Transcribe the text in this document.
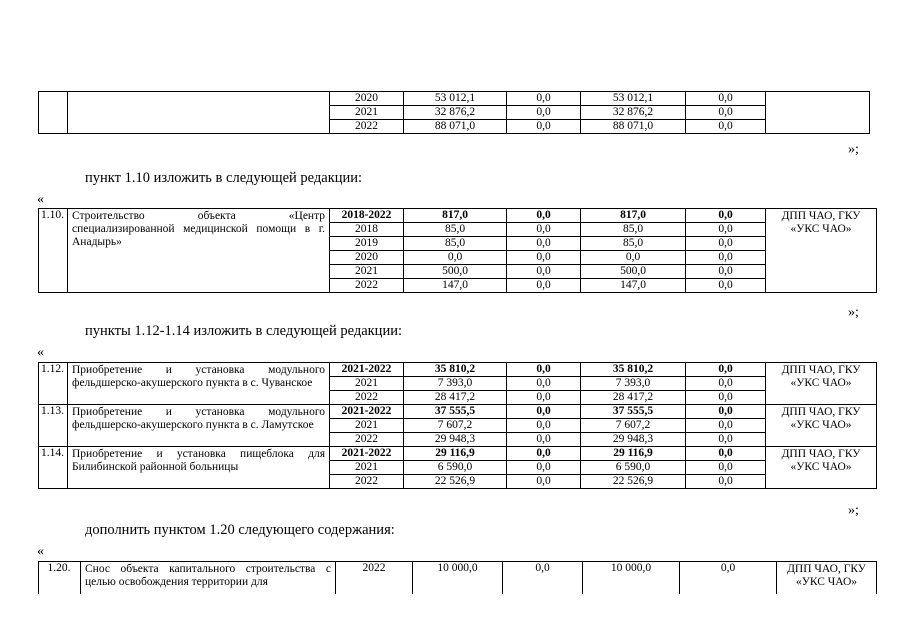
		2020	53 012,1	0,0	53 012,1	0,0	
		2021	32 876,2	0,0	32 876,2	0,0	
		2022	88 071,0	0,0	88 071,0	0,0	
»;
пункт 1.10 изложить в следующей редакции:
«
1.10.	Строительство объекта «Центр специализированной медицинской помощи в г. Анадырь»	2018-2022	817,0	0,0	817,0	0,0	ДПП ЧАО, ГКУ «УКС ЧАО»
		2018	85,0	0,0	85,0	0,0	
		2019	85,0	0,0	85,0	0,0	
		2020	0,0	0,0	0,0	0,0	
		2021	500,0	0,0	500,0	0,0	
		2022	147,0	0,0	147,0	0,0	
»;
пункты 1.12-1.14 изложить в следующей редакции:
«
1.12.	Приобретение и установка модульного фельдшерско-акушерского пункта в с. Чуванское	2021-2022	35 810,2	0,0	35 810,2	0,0	ДПП ЧАО, ГКУ «УКС ЧАО»
		2021	7 393,0	0,0	7 393,0	0,0	
		2022	28 417,2	0,0	28 417,2	0,0	
1.13.	Приобретение и установка модульного фельдшерско-акушерского пункта в с. Ламутское	2021-2022	37 555,5	0,0	37 555,5	0,0	ДПП ЧАО, ГКУ «УКС ЧАО»
		2021	7 607,2	0,0	7 607,2	0,0	
		2022	29 948,3	0,0	29 948,3	0,0	
1.14.	Приобретение и установка пищеблока для Билибинской районной больницы	2021-2022	29 116,9	0,0	29 116,9	0,0	ДПП ЧАО, ГКУ «УКС ЧАО»
		2021	6 590,0	0,0	6 590,0	0,0	
		2022	22 526,9	0,0	22 526,9	0,0	
»;
дополнить пунктом 1.20 следующего содержания:
«
1.20.	Снос объекта капитального строительства с целью освобождения территории для	2022	10 000,0	0,0	10 000,0	0,0	ДПП ЧАО, ГКУ «УКС ЧАО»
